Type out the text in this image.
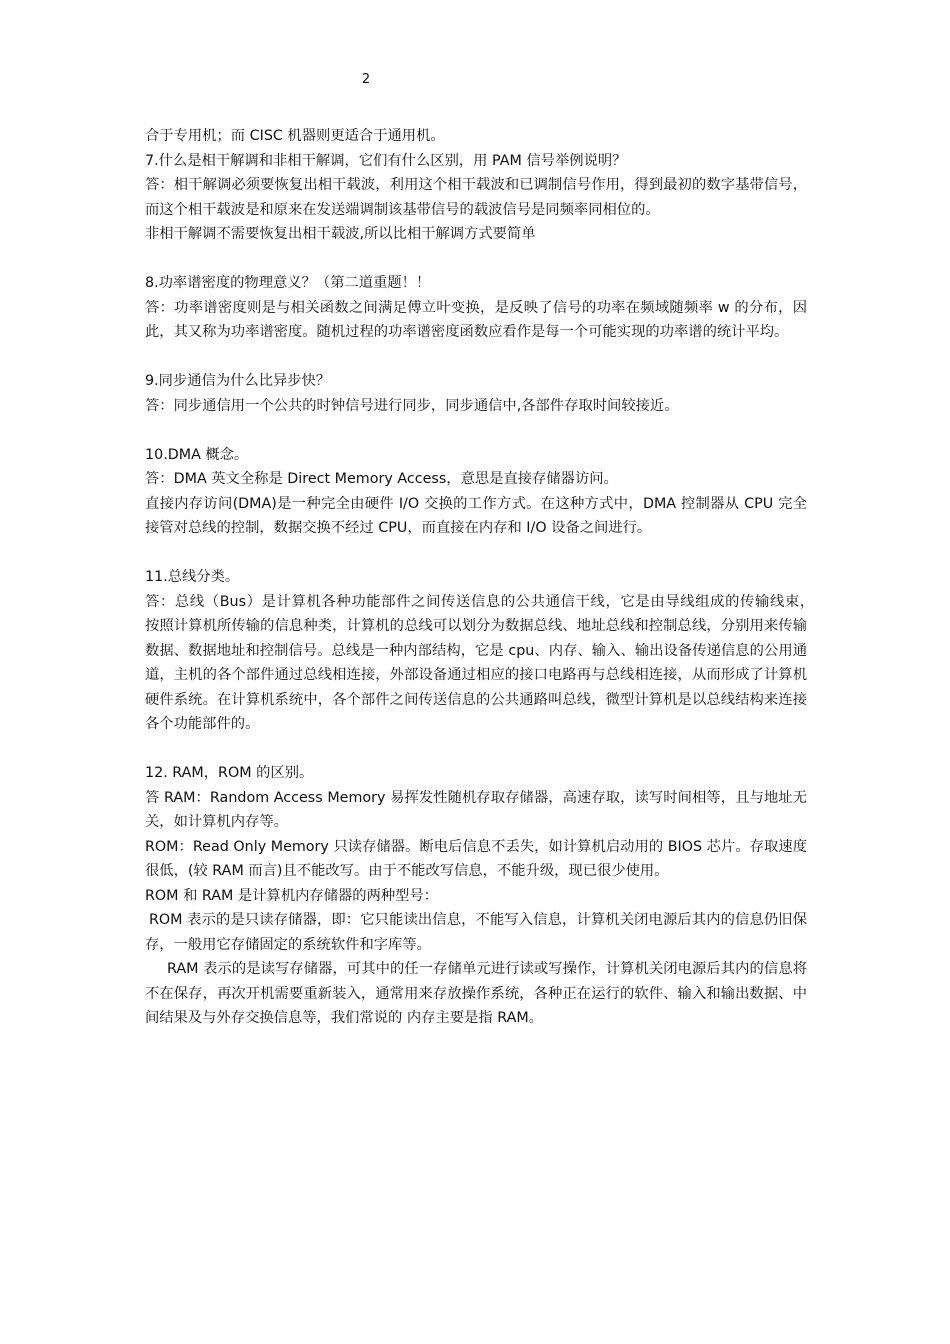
2

合于专用机；而 CISC 机器则更适合于通用机。

7.什么是相干解调和非相干解调，它们有什么区别，用 PAM 信号举例说明？

答：相干解调必须要恢复出相干载波，利用这个相干载波和已调制信号作用，得到最初的数字基带信号，而这个相干载波是和原来在发送端调制该基带信号的载波信号是同频率同相位的。

非相干解调不需要恢复出相干载波,所以比相干解调方式要简单

8.功率谱密度的物理意义？（第二道重题！！

答：功率谱密度则是与相关函数之间满足傅立叶变换，是反映了信号的功率在频域随频率 w 的分布，因此，其又称为功率谱密度。随机过程的功率谱密度函数应看作是每一个可能实现的功率谱的统计平均。

9.同步通信为什么比异步快？

答：同步通信用一个公共的时钟信号进行同步，同步通信中,各部件存取时间较接近。

10.DMA 概念。

答：DMA 英文全称是 Direct Memory Access，意思是直接存储器访问。

直接内存访问(DMA)是一种完全由硬件 I/O 交换的工作方式。在这种方式中，DMA 控制器从 CPU 完全接管对总线的控制，数据交换不经过 CPU，而直接在内存和 I/O 设备之间进行。

11.总线分类。

答：总线（Bus）是计算机各种功能部件之间传送信息的公共通信干线，它是由导线组成的传输线束，　按照计算机所传输的信息种类，计算机的总线可以划分为数据总线、地址总线和控制总线，分别用来传输数据、数据地址和控制信号。总线是一种内部结构，它是 cpu、内存、输入、输出设备传递信息的公用通道，主机的各个部件通过总线相连接，外部设备通过相应的接口电路再与总线相连接，从而形成了计算机硬件系统。在计算机系统中，各个部件之间传送信息的公共通路叫总线，微型计算机是以总线结构来连接各个功能部件的。

12. RAM，ROM 的区别。

答 RAM：Random Access Memory 易挥发性随机存取存储器，高速存取，读写时间相等，且与地址无关，如计算机内存等。

ROM：Read Only Memory 只读存储器。断电后信息不丢失，如计算机启动用的 BIOS 芯片。存取速度很低，(较 RAM 而言)且不能改写。由于不能改写信息，不能升级，现已很少使用。

ROM 和 RAM 是计算机内存储器的两种型号：

ROM 表示的是只读存储器，即：它只能读出信息，不能写入信息，计算机关闭电源后其内的信息仍旧保存，一般用它存储固定的系统软件和字库等。

RAM 表示的是读写存储器，可其中的任一存储单元进行读或写操作，计算机关闭电源后其内的信息将不在保存，再次开机需要重新装入，通常用来存放操作系统，各种正在运行的软件、输入和输出数据、中间结果及与外存交换信息等，我们常说的 内存主要是指 RAM。
